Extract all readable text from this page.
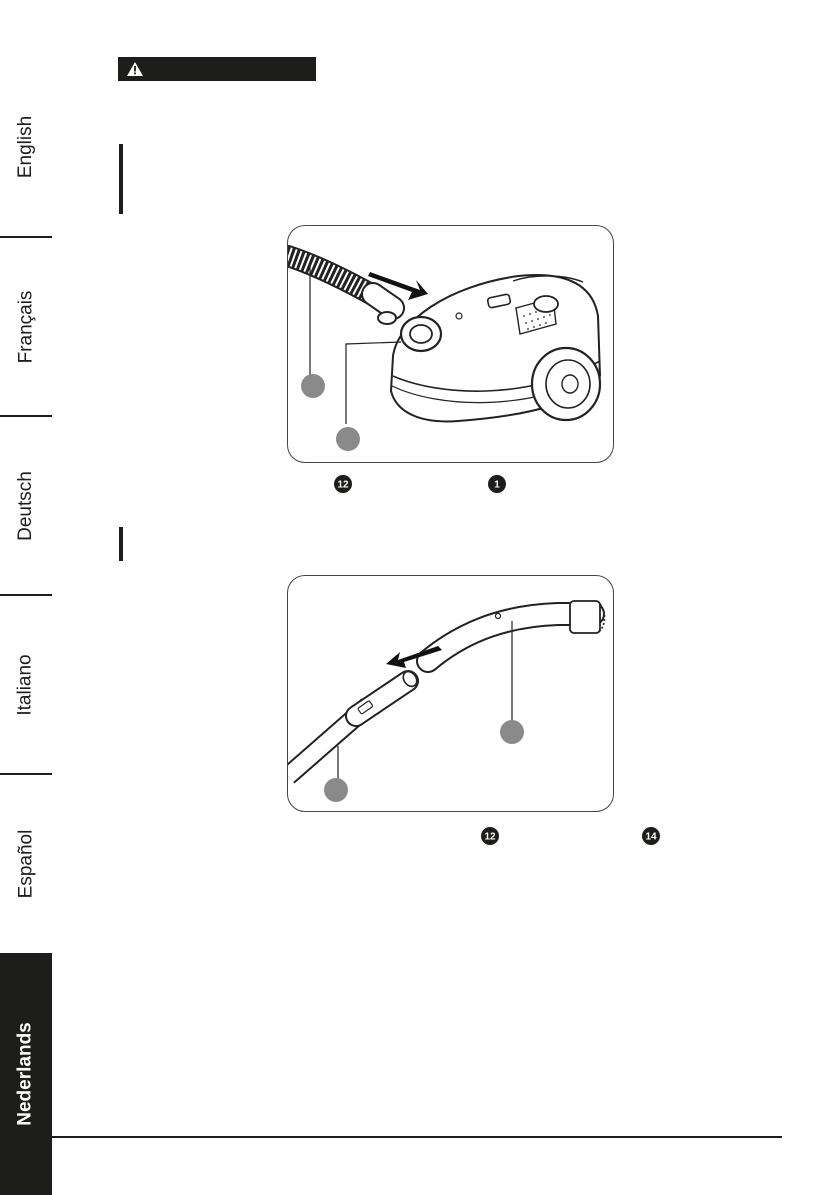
English
Français
Deutsch
Italiano
Español
Nederlands
12	1
12	14
